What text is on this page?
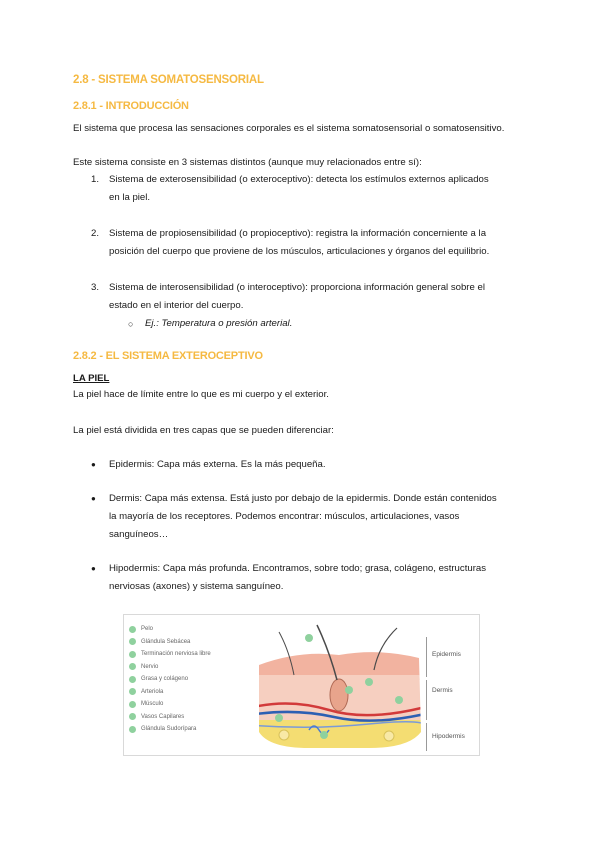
2.8 - SISTEMA SOMATOSENSORIAL
2.8.1 - INTRODUCCIÓN
El sistema que procesa las sensaciones corporales es el sistema somatosensorial o somatosensitivo.
Este sistema consiste en 3 sistemas distintos (aunque muy relacionados entre sí):
1. Sistema de exterosensibilidad (o exteroceptivo): detecta los estímulos externos aplicados
en la piel.
2. Sistema de propiosensibilidad (o propioceptivo): registra la información concerniente a la
posición del cuerpo que proviene de los músculos, articulaciones y órganos del equilibrio.
3. Sistema de interosensibilidad (o interoceptivo): proporciona información general sobre el
estado en el interior del cuerpo.
○ Ej.: Temperatura o presión arterial.
2.8.2 - EL SISTEMA EXTEROCEPTIVO
LA PIEL
La piel hace de límite entre lo que es mi cuerpo y el exterior.
La piel está dividida en tres capas que se pueden diferenciar:
● Epidermis: Capa más externa. Es la más pequeña.
● Dermis: Capa más extensa. Está justo por debajo de la epidermis. Donde están contenidos
la mayoría de los receptores. Podemos encontrar: músculos, articulaciones, vasos
sanguíneos…
● Hipodermis: Capa más profunda. Encontramos, sobre todo; grasa, colágeno, estructuras
nerviosas (axones) y sistema sanguíneo.
Pelo
Glándula Sebácea
Terminación nerviosa libre
Nervio
Grasa y colágeno
Arteriola
Músculo
Vasos Capilares
Glándula Sudorípara
Epidermis
Dermis
Hipodermis
